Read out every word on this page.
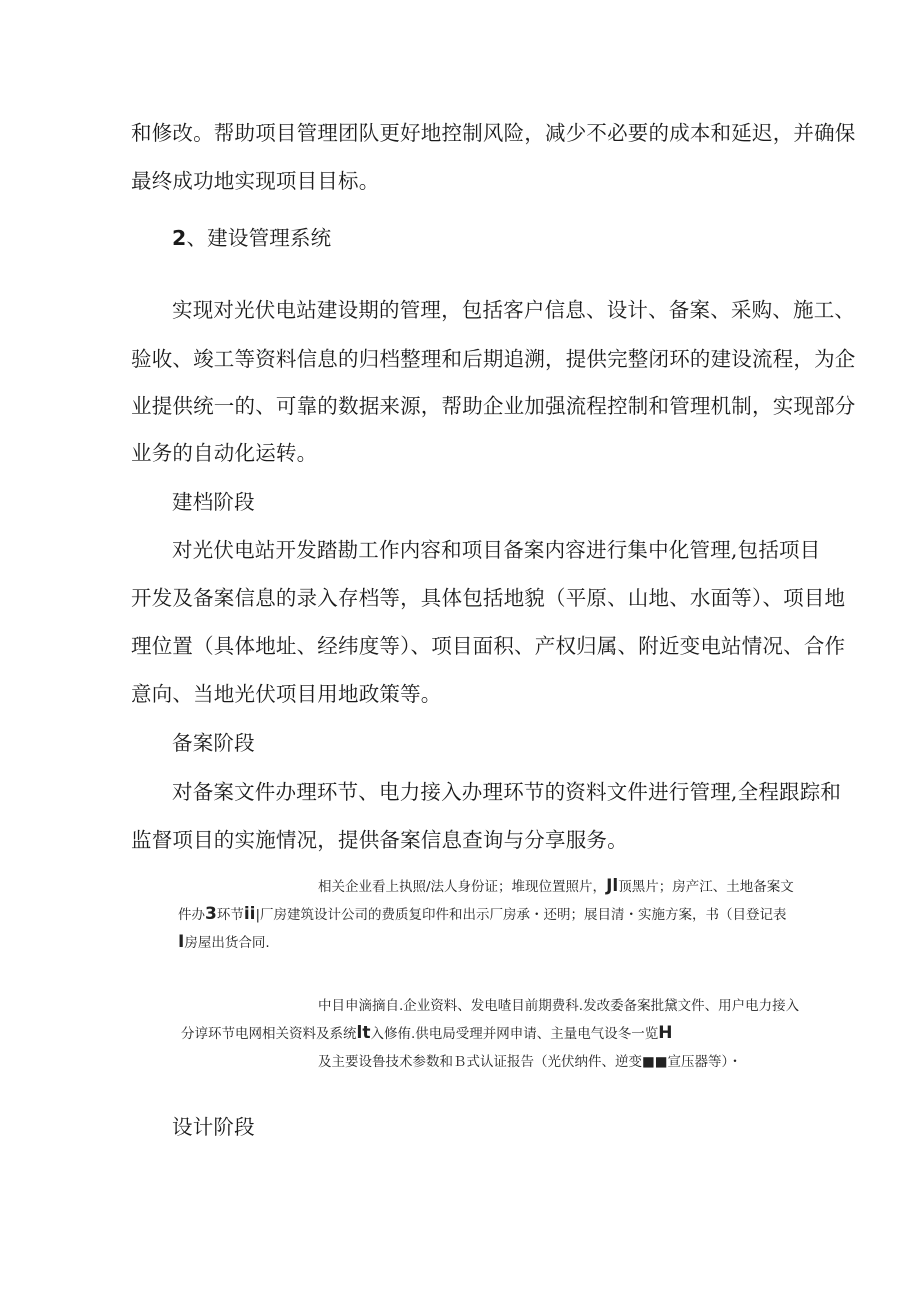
和修改。帮助项目管理团队更好地控制风险，减少不必要的成本和延迟，并确保
最终成功地实现项目目标。
2、建设管理系统
实现对光伏电站建设期的管理，包括客户信息、设计、备案、采购、施工、
验收、竣工等资料信息的归档整理和后期追溯，提供完整闭环的建设流程，为企
业提供统一的、可靠的数据来源，帮助企业加强流程控制和管理机制，实现部分
业务的自动化运转。
建档阶段
对光伏电站开发踏勘工作内容和项目备案内容进行集中化管理,包括项目
开发及备案信息的录入存档等，具体包括地貌（平原、山地、水面等）、项目地
理位置（具体地址、经纬度等）、项目面积、产权归属、附近变电站情况、合作
意向、当地光伏项目用地政策等。
备案阶段
对备案文件办理环节、电力接入办理环节的资料文件进行管理,全程跟踪和
监督项目的实施情况，提供备案信息查询与分享服务。
相关企业看上执照/法人身份证；堆现位置照片，Jl顶黑片；房产江、土地备案文
件办3环节ii|厂房建筑设计公司的费质复印件和出示厂房承・还明；展目清・实施方案，书（目登记表
I房屋出货合同.
中目申滴摘自.企业资料、发电喳目前期费科.发改委备案批黛文件、用户电力接入
分谆环节电网相关资料及系统lt入修侑.供电局受理并网申请、主量电气设冬一览H
及主要设鲁技术参数和Ｂ式认证报告（光伏纳件、逆变■■宣压器等）・
设计阶段
